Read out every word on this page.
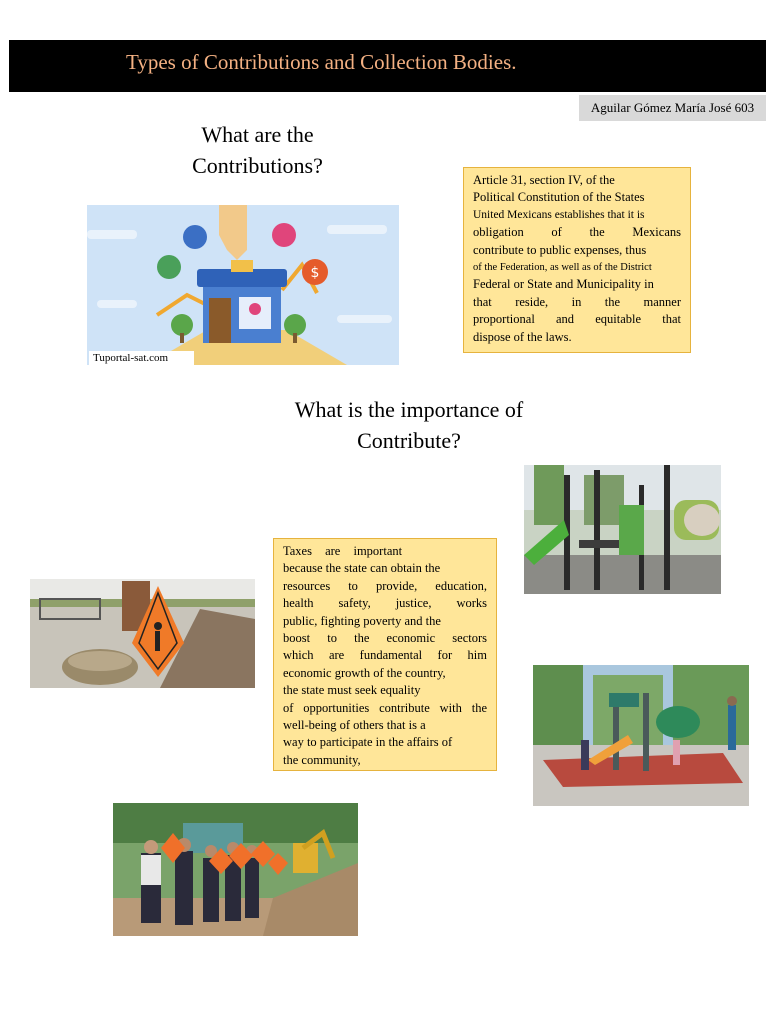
Types of Contributions and Collection Bodies.
Aguilar Gómez María José 603
What are the
Contributions?
$
Tuportal-sat.com
Article 31, section IV, of the
Political Constitution of the States
United Mexicans establishes that it is
obligation of the Mexicans
contribute to public expenses, thus
of the Federation, as well as of the District
Federal or State and Municipality in
that reside, in the manner
proportional and equitable that
dispose of the laws.
What is the importance of
Contribute?
Taxes are important
because the state can obtain the
resources to provide, education,
health safety, justice, works
public, fighting poverty and the
boost to the economic sectors
which are fundamental for him
economic growth of the country,
the state must seek equality
of opportunities contribute with the
well-being of others that is a
way to participate in the affairs of
the community,
